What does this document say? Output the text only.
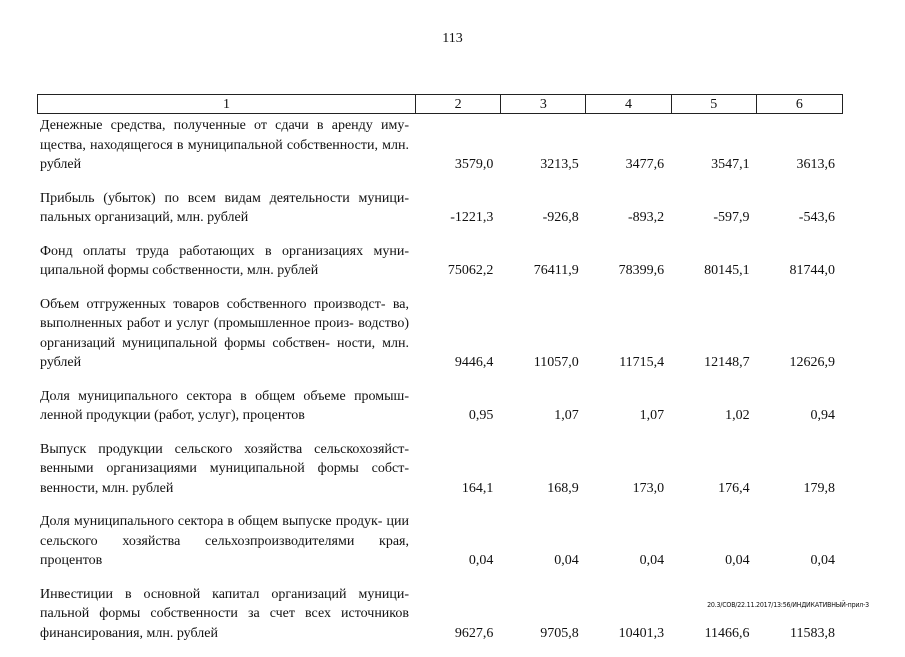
113
1	2	3	4	5	6
Денежные средства, полученные от сдачи в аренду иму- щества, находящегося в муниципальной собственности, млн. рублей	3579,0	3213,5	3477,6	3547,1	3613,6
Прибыль (убыток) по всем видам деятельности муници- пальных организаций, млн. рублей	-1221,3	-926,8	-893,2	-597,9	-543,6
Фонд оплаты труда работающих в организациях муни- ципальной формы собственности, млн. рублей	75062,2	76411,9	78399,6	80145,1	81744,0
Объем отгруженных товаров собственного производст- ва, выполненных работ и услуг (промышленное произ- водство) организаций муниципальной формы собствен- ности, млн. рублей	9446,4	11057,0	11715,4	12148,7	12626,9
Доля муниципального сектора в общем объеме промыш- ленной продукции (работ, услуг), процентов	0,95	1,07	1,07	1,02	0,94
Выпуск продукции сельского хозяйства сельскохозяйст- венными организациями муниципальной формы собст- венности, млн. рублей	164,1	168,9	173,0	176,4	179,8
Доля муниципального сектора в общем выпуске продук- ции сельского хозяйства сельхозпроизводителями края, процентов	0,04	0,04	0,04	0,04	0,04
Инвестиции в основной капитал организаций муници- пальной формы собственности за счет всех источников финансирования, млн. рублей	9627,6	9705,8	10401,3	11466,6	11583,8
20.3/СОВ/22.11.2017/13:56/ИНДИКАТИВНЫЙ-прил-3
